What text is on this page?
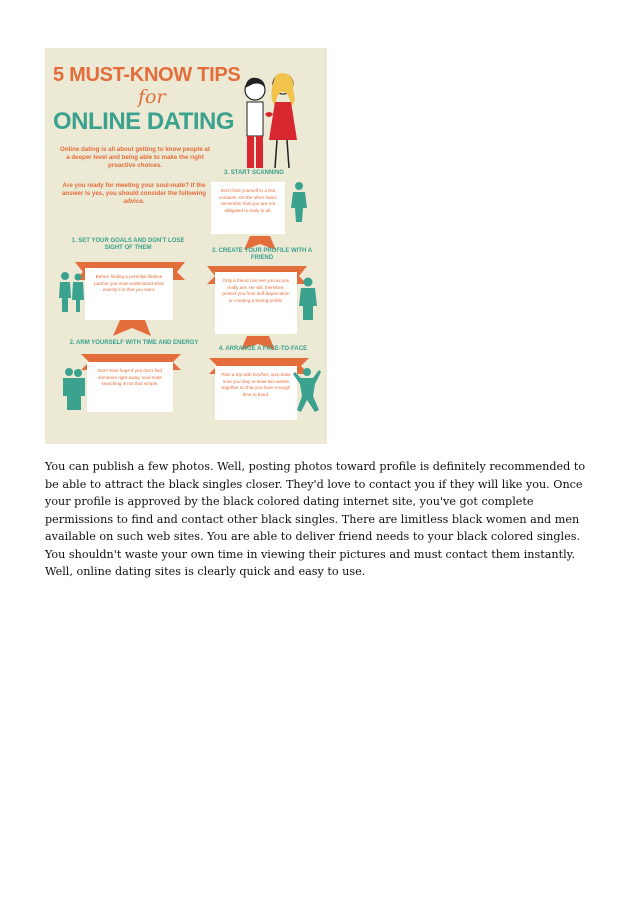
5 MUST-KNOW TIPS
for
ONLINE DATING
Online dating is all about getting to know people at a deeper level and being able to make the right proactive choices.
Are you ready for meeting your soul-mate? If the answer is yes, you should consider the following advice.
3. START SCANNING
Don't limit yourself to a few contacts. On the other hand, remember that you are not obligated to reply to all.
1. SET YOUR GOALS AND DON'T LOSE SIGHT OF THEM
Before finding a potential lifetime partner you must understand what exactly it is that you want.
3. CREATE YOUR PROFILE WITH A FRIEND
Only a friend can see you as you really are. He will, therefore, protect you from self-deprecation or creating a boring profile.
2. ARM YOURSELF WITH TIME AND ENERGY
Don't lose hope if you don't find someone right-away, soul-mate searching is not that simple.
4. ARRANGE A FACE-TO-FACE
Plan a trip with him/her, and make sure you stay at least two weeks together so that you have enough time to bond.

You can publish a few photos. Well, posting photos toward profile is definitely recommended to be able to attract the black singles closer. They'd love to contact you if they will like you. Once your profile is approved by the black colored dating internet site, you've got complete permissions to find and contact other black singles. There are limitless black women and men available on such web sites. You are able to deliver friend needs to your black colored singles. You shouldn't waste your own time in viewing their pictures and must contact them instantly. Well, online dating sites is clearly quick and easy to use.
